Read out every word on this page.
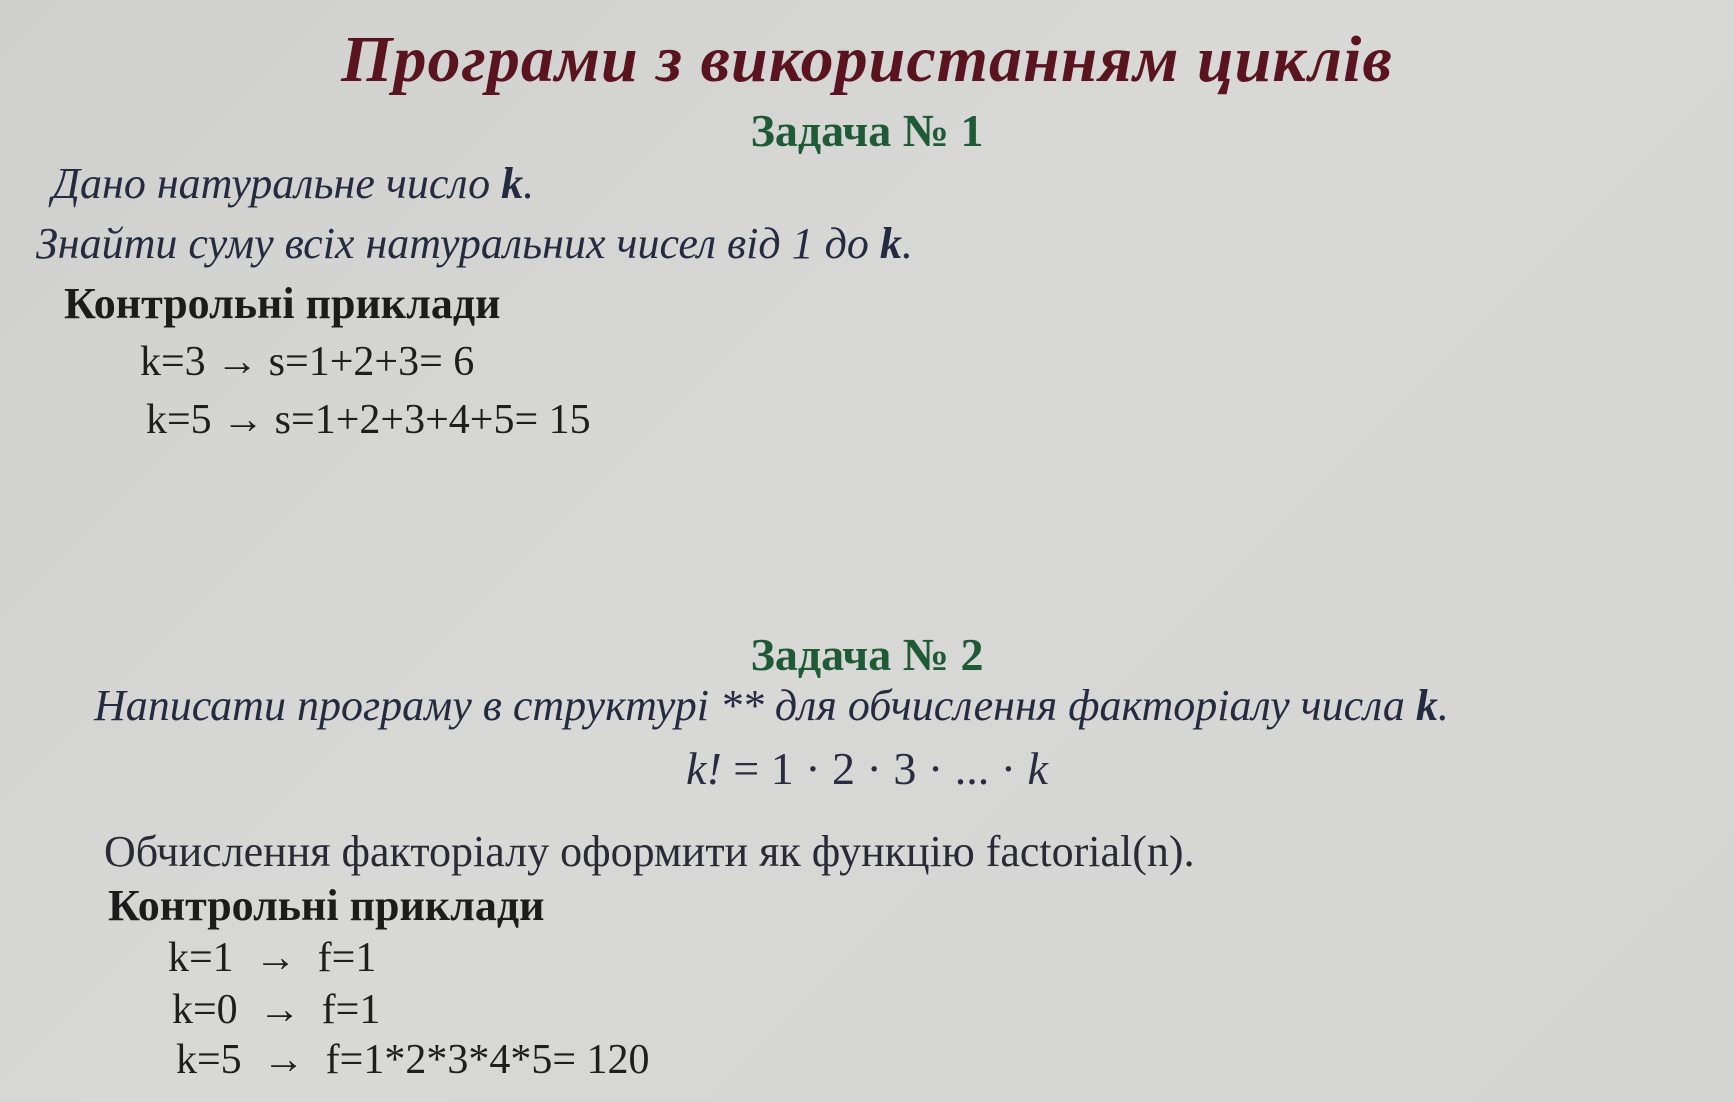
Програми з використанням циклів
Задача № 1
Дано натуральне число k.
Знайти суму всіх натуральних чисел від 1 до k.
Контрольні приклади
k=3 → s=1+2+3= 6
k=5 → s=1+2+3+4+5= 15
Задача № 2
Написати програму в структурі ** для обчислення факторіалу числа k.
k! = 1 · 2 · 3 · ... · k
Обчислення факторіалу оформити як функцію factorial(n).
Контрольні приклади
k=1  →  f=1
k=0  →  f=1
k=5  →  f=1*2*3*4*5= 120
